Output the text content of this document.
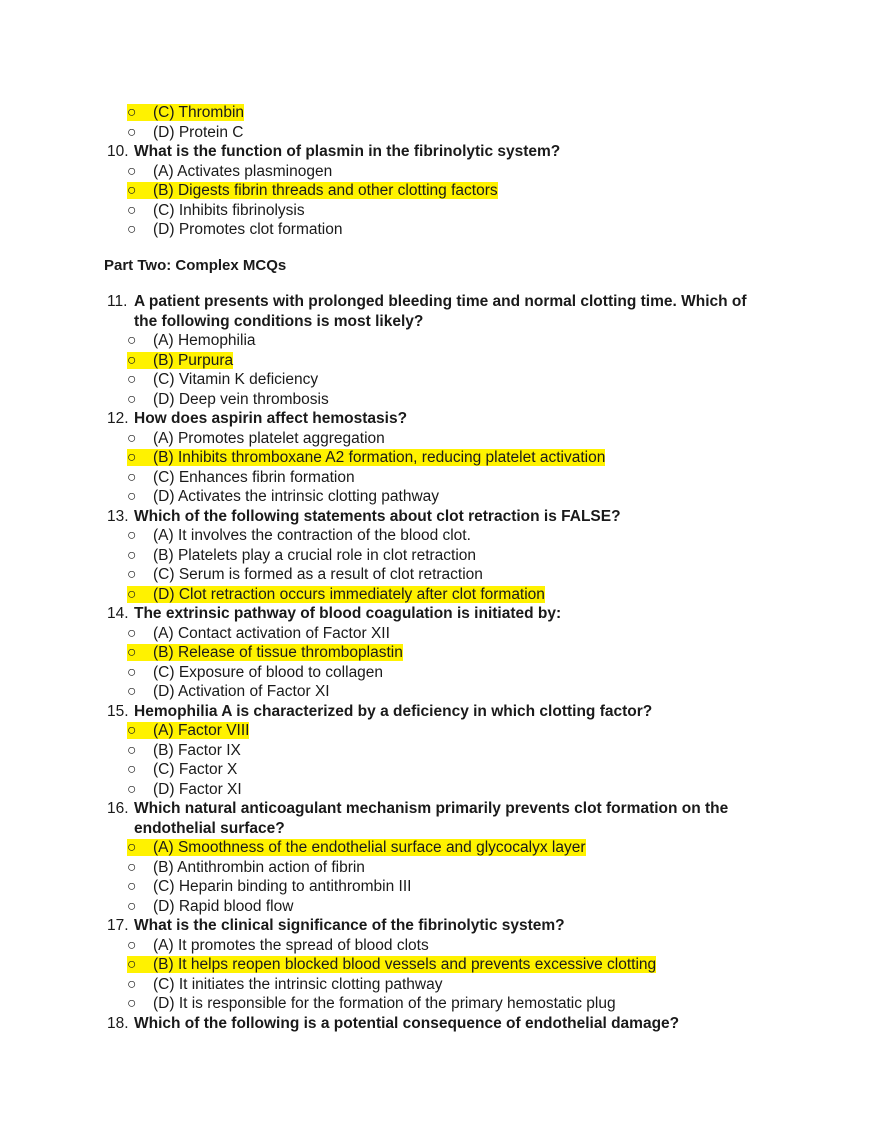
○ (C) Thrombin
○ (D) Protein C
10. What is the function of plasmin in the fibrinolytic system?
○ (A) Activates plasminogen
○ (B) Digests fibrin threads and other clotting factors
○ (C) Inhibits fibrinolysis
○ (D) Promotes clot formation
Part Two: Complex MCQs
11. A patient presents with prolonged bleeding time and normal clotting time. Which of
the following conditions is most likely?
○ (A) Hemophilia
○ (B) Purpura
○ (C) Vitamin K deficiency
○ (D) Deep vein thrombosis
12. How does aspirin affect hemostasis?
○ (A) Promotes platelet aggregation
○ (B) Inhibits thromboxane A2 formation, reducing platelet activation
○ (C) Enhances fibrin formation
○ (D) Activates the intrinsic clotting pathway
13. Which of the following statements about clot retraction is FALSE?
○ (A) It involves the contraction of the blood clot.
○ (B) Platelets play a crucial role in clot retraction
○ (C) Serum is formed as a result of clot retraction
○ (D) Clot retraction occurs immediately after clot formation
14. The extrinsic pathway of blood coagulation is initiated by:
○ (A) Contact activation of Factor XII
○ (B) Release of tissue thromboplastin
○ (C) Exposure of blood to collagen
○ (D) Activation of Factor XI
15. Hemophilia A is characterized by a deficiency in which clotting factor?
○ (A) Factor VIII
○ (B) Factor IX
○ (C) Factor X
○ (D) Factor XI
16. Which natural anticoagulant mechanism primarily prevents clot formation on the
endothelial surface?
○ (A) Smoothness of the endothelial surface and glycocalyx layer
○ (B) Antithrombin action of fibrin
○ (C) Heparin binding to antithrombin III
○ (D) Rapid blood flow
17. What is the clinical significance of the fibrinolytic system?
○ (A) It promotes the spread of blood clots
○ (B) It helps reopen blocked blood vessels and prevents excessive clotting
○ (C) It initiates the intrinsic clotting pathway
○ (D) It is responsible for the formation of the primary hemostatic plug
18. Which of the following is a potential consequence of endothelial damage?
